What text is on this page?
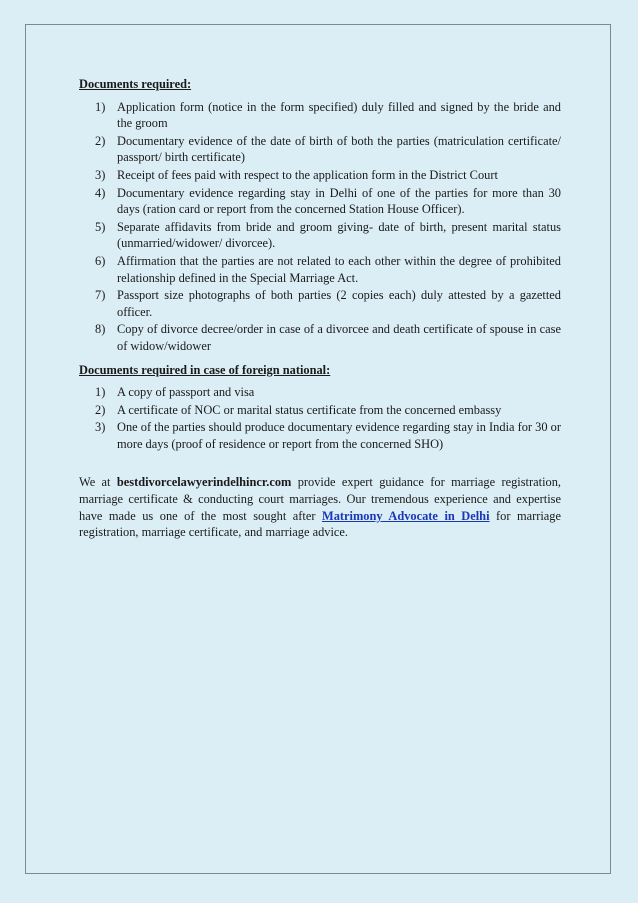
Documents required:

1) Application form (notice in the form specified) duly filled and signed by the bride and the groom
2) Documentary evidence of the date of birth of both the parties (matriculation certificate/ passport/ birth certificate)
3) Receipt of fees paid with respect to the application form in the District Court
4) Documentary evidence regarding stay in Delhi of one of the parties for more than 30 days (ration card or report from the concerned Station House Officer).
5) Separate affidavits from bride and groom giving- date of birth, present marital status (unmarried/widower/ divorcee).
6) Affirmation that the parties are not related to each other within the degree of prohibited relationship defined in the Special Marriage Act.
7) Passport size photographs of both parties (2 copies each) duly attested by a gazetted officer.
8) Copy of divorce decree/order in case of a divorcee and death certificate of spouse in case of widow/widower

Documents required in case of foreign national:

1) A copy of passport and visa
2) A certificate of NOC or marital status certificate from the concerned embassy
3) One of the parties should produce documentary evidence regarding stay in India for 30 or more days (proof of residence or report from the concerned SHO)

We at bestdivorcelawyerindelhincr.com provide expert guidance for marriage registration, marriage certificate & conducting court marriages. Our tremendous experience and expertise have made us one of the most sought after Matrimony Advocate in Delhi for marriage registration, marriage certificate, and marriage advice.
